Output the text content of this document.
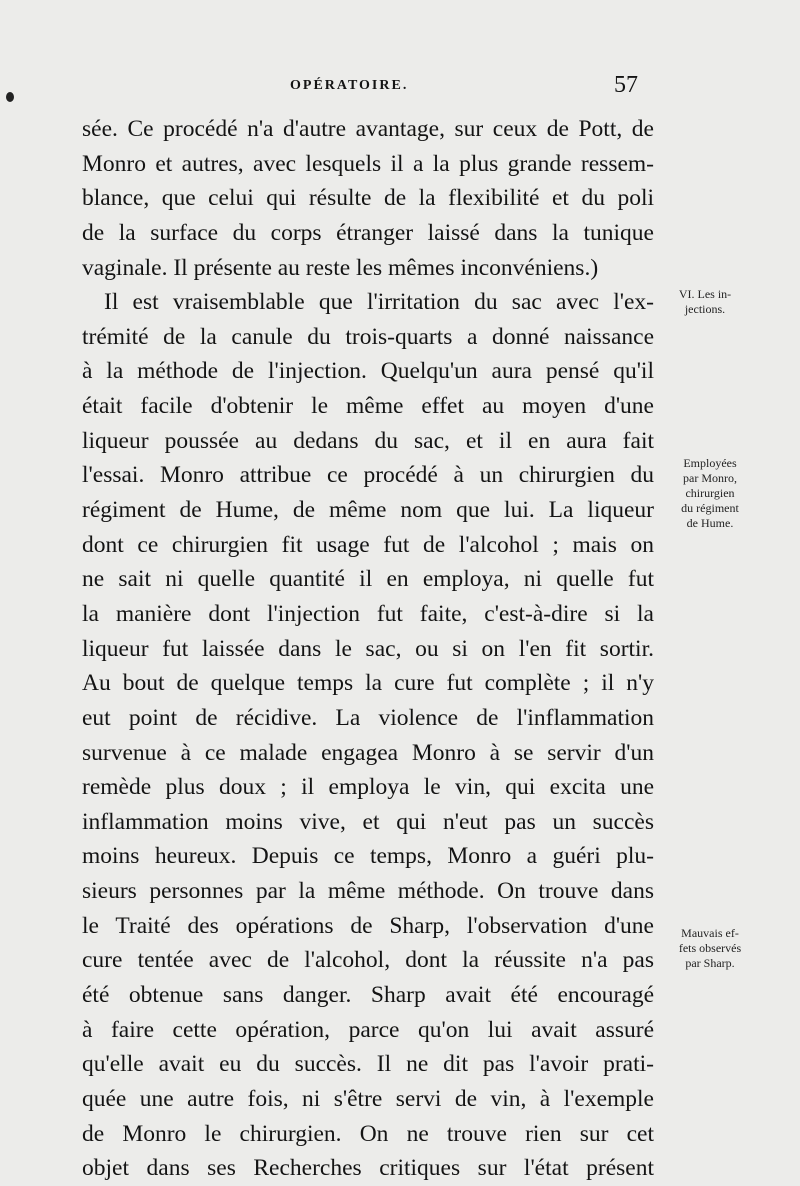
OPÉRATOIRE.	57
sée. Ce procédé n'a d'autre avantage, sur ceux de Pott, de
Monro et autres, avec lesquels il a la plus grande ressem-
blance, que celui qui résulte de la flexibilité et du poli
de la surface du corps étranger laissé dans la tunique
vaginale. Il présente au reste les mêmes inconvéniens.)
Il est vraisemblable que l'irritation du sac avec l'ex-
trémité de la canule du trois-quarts a donné naissance
à la méthode de l'injection. Quelqu'un aura pensé qu'il
était facile d'obtenir le même effet au moyen d'une
liqueur poussée au dedans du sac, et il en aura fait
l'essai. Monro attribue ce procédé à un chirurgien du
régiment de Hume, de même nom que lui. La liqueur
dont ce chirurgien fit usage fut de l'alcohol ; mais on
ne sait ni quelle quantité il en employa, ni quelle fut
la manière dont l'injection fut faite, c'est-à-dire si la
liqueur fut laissée dans le sac, ou si on l'en fit sortir.
Au bout de quelque temps la cure fut complète ; il n'y
eut point de récidive. La violence de l'inflammation
survenue à ce malade engagea Monro à se servir d'un
remède plus doux ; il employa le vin, qui excita une
inflammation moins vive, et qui n'eut pas un succès
moins heureux. Depuis ce temps, Monro a guéri plu-
sieurs personnes par la même méthode. On trouve dans
le Traité des opérations de Sharp, l'observation d'une
cure tentée avec de l'alcohol, dont la réussite n'a pas
été obtenue sans danger. Sharp avait été encouragé
à faire cette opération, parce qu'on lui avait assuré
qu'elle avait eu du succès. Il ne dit pas l'avoir prati-
quée une autre fois, ni s'être servi de vin, à l'exemple
de Monro le chirurgien. On ne trouve rien sur cet
objet dans ses Recherches critiques sur l'état présent
VI. Les in-
jections.
Employées
par Monro,
chirurgien
du régiment
de Hume.
Mauvais ef-
fets observés
par Sharp.
